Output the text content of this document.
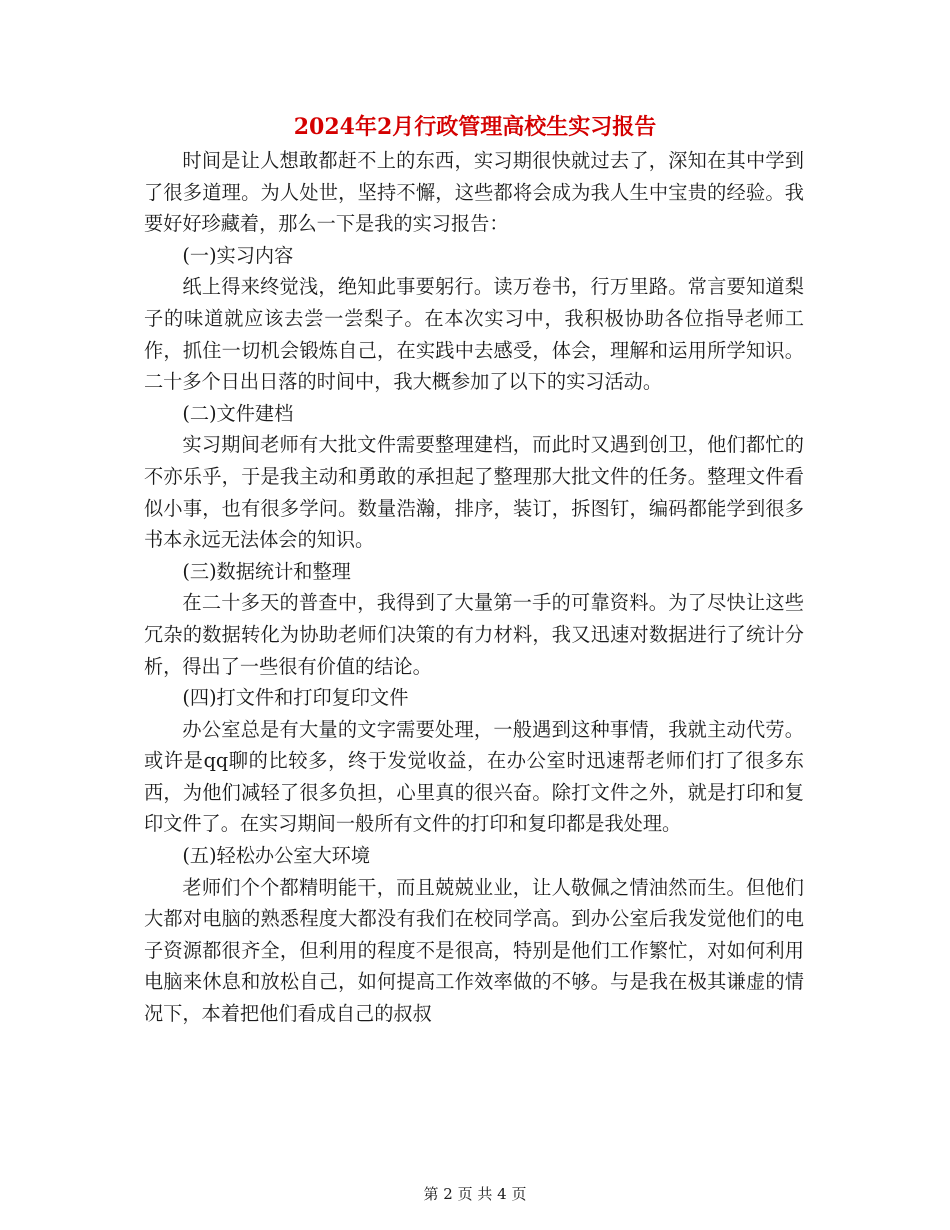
2024年2月行政管理高校生实习报告

时间是让人想敢都赶不上的东西，实习期很快就过去了，深知在其中学到了很多道理。为人处世，坚持不懈，这些都将会成为我人生中宝贵的经验。我要好好珍藏着，那么一下是我的实习报告：

(一)实习内容

纸上得来终觉浅，绝知此事要躬行。读万卷书，行万里路。常言要知道梨子的味道就应该去尝一尝梨子。在本次实习中，我积极协助各位指导老师工作，抓住一切机会锻炼自己，在实践中去感受，体会，理解和运用所学知识。二十多个日出日落的时间中，我大概参加了以下的实习活动。

(二)文件建档

实习期间老师有大批文件需要整理建档，而此时又遇到创卫，他们都忙的不亦乐乎，于是我主动和勇敢的承担起了整理那大批文件的任务。整理文件看似小事，也有很多学问。数量浩瀚，排序，装订，拆图钉，编码都能学到很多书本永远无法体会的知识。

(三)数据统计和整理

在二十多天的普查中，我得到了大量第一手的可靠资料。为了尽快让这些冗杂的数据转化为协助老师们决策的有力材料，我又迅速对数据进行了统计分析，得出了一些很有价值的结论。

(四)打文件和打印复印文件

办公室总是有大量的文字需要处理，一般遇到这种事情，我就主动代劳。或许是qq聊的比较多，终于发觉收益，在办公室时迅速帮老师们打了很多东西，为他们减轻了很多负担，心里真的很兴奋。除打文件之外，就是打印和复印文件了。在实习期间一般所有文件的打印和复印都是我处理。

(五)轻松办公室大环境

老师们个个都精明能干，而且兢兢业业，让人敬佩之情油然而生。但他们大都对电脑的熟悉程度大都没有我们在校同学高。到办公室后我发觉他们的电子资源都很齐全，但利用的程度不是很高，特别是他们工作繁忙，对如何利用电脑来休息和放松自己，如何提高工作效率做的不够。与是我在极其谦虚的情况下，本着把他们看成自己的叔叔

第 2 页 共 4 页
